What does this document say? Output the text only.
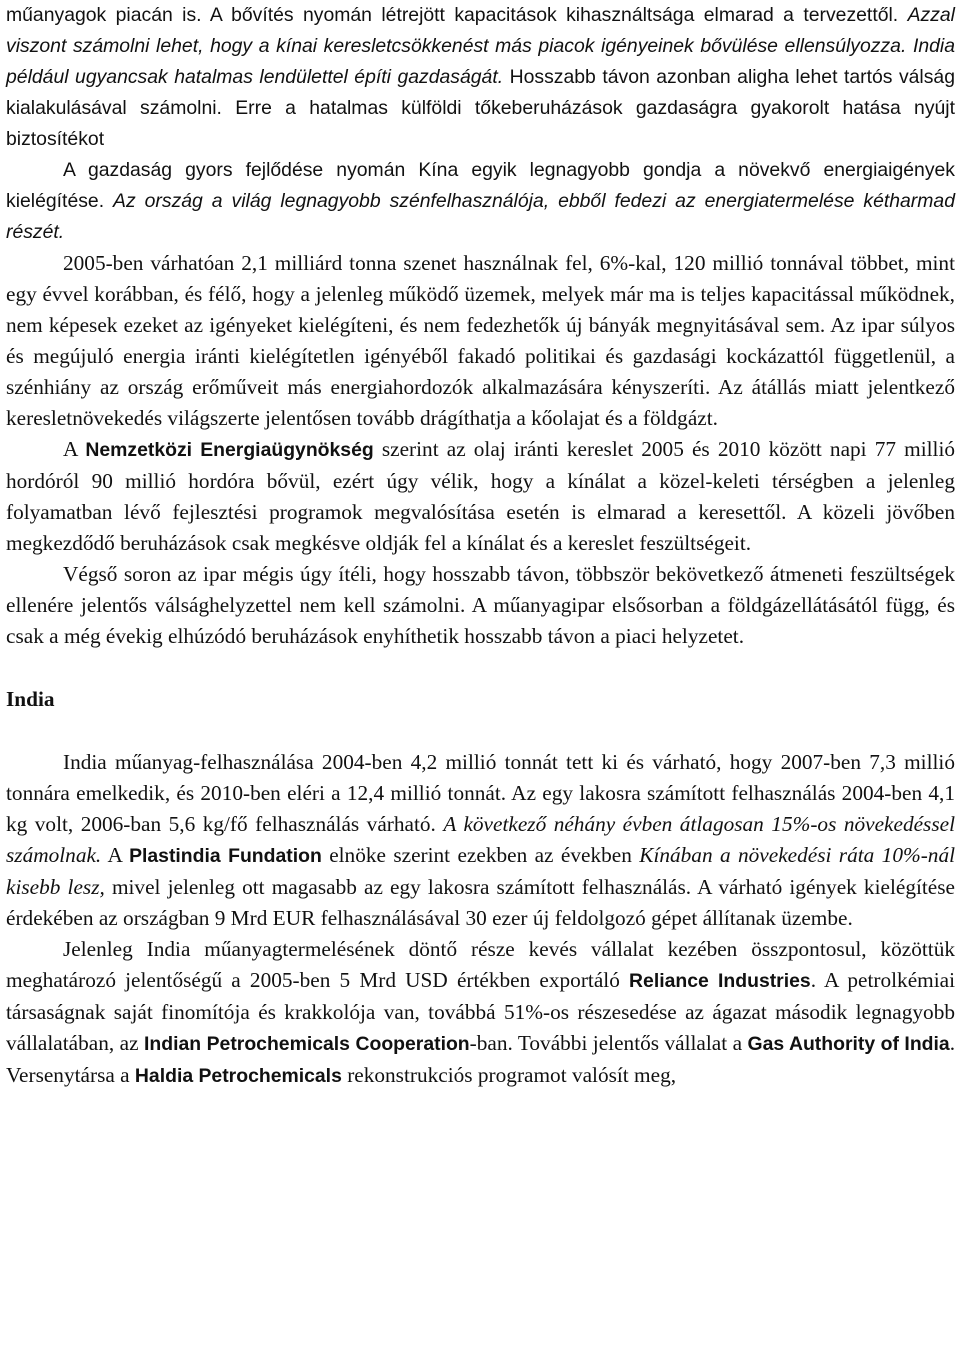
műanyagok piacán is. A bővítés nyomán létrejött kapacitások kihasználtsága elmarad a tervezettől. Azzal viszont számolni lehet, hogy a kínai keresletcsökkenést más piacok igényeinek bővülése ellensúlyozza. India például ugyancsak hatalmas lendülettel építi gazdaságát. Hosszabb távon azonban aligha lehet tartós válság kialakulásával számolni. Erre a hatalmas külföldi tőkeberuházások gazdaságra gyakorolt hatása nyújt biztosítékot

A gazdaság gyors fejlődése nyomán Kína egyik legnagyobb gondja a növekvő energiaigények kielégítése. Az ország a világ legnagyobb szénfelhasználója, ebből fedezi az energiatermelése kétharmad részét.

2005-ben várhatóan 2,1 milliárd tonna szenet használnak fel, 6%-kal, 120 millió tonnával többet, mint egy évvel korábban, és félő, hogy a jelenleg működő üzemek, melyek már ma is teljes kapacitással működnek, nem képesek ezeket az igényeket kielégíteni, és nem fedezhetők új bányák megnyitásával sem. Az ipar súlyos és megújuló energia iránti kielégítetlen igényéből fakadó politikai és gazdasági kockázattól függetlenül, a szénhiány az ország erőműveit más energiahordozók alkalmazására kényszeríti. Az átállás miatt jelentkező keresletnövekedés világszerte jelentősen tovább drágíthatja a kőolajat és a földgázt.

A Nemzetközi Energiaügynökség szerint az olaj iránti kereslet 2005 és 2010 között napi 77 millió hordóról 90 millió hordóra bővül, ezért úgy vélik, hogy a kínálat a közel-keleti térségben a jelenleg folyamatban lévő fejlesztési programok megvalósítása esetén is elmarad a keresettől. A közeli jövőben megkezdődő beruházások csak megkésve oldják fel a kínálat és a kereslet feszültségeit.

Végső soron az ipar mégis úgy ítéli, hogy hosszabb távon, többször bekövetkező átmeneti feszültségek ellenére jelentős válsághelyzettel nem kell számolni. A műanyagipar elsősorban a földgázellátásától függ, és csak a még évekig elhúzódó beruházások enyhíthetik hosszabb távon a piaci helyzetet.

India

India műanyag-felhasználása 2004-ben 4,2 millió tonnát tett ki és várható, hogy 2007-ben 7,3 millió tonnára emelkedik, és 2010-ben eléri a 12,4 millió tonnát. Az egy lakosra számított felhasználás 2004-ben 4,1 kg volt, 2006-ban 5,6 kg/fő felhasználás várható. A következő néhány évben átlagosan 15%-os növekedéssel számolnak. A Plastindia Fundation elnöke szerint ezekben az években Kínában a növekedési ráta 10%-nál kisebb lesz, mivel jelenleg ott magasabb az egy lakosra számított felhasználás. A várható igények kielégítése érdekében az országban 9 Mrd EUR felhasználásával 30 ezer új feldolgozó gépet állítanak üzembe.

Jelenleg India műanyagtermelésének döntő része kevés vállalat kezében összpontosul, közöttük meghatározó jelentőségű a 2005-ben 5 Mrd USD értékben exportáló Reliance Industries. A petrolkémiai társaságnak saját finomítója és krakkolója van, továbbá 51%-os részesedése az ágazat második legnagyobb vállalatában, az Indian Petrochemicals Cooperation-ban. További jelentős vállalat a Gas Authority of India. Versenytársa a Haldia Petrochemicals rekonstrukciós programot valósít meg,
